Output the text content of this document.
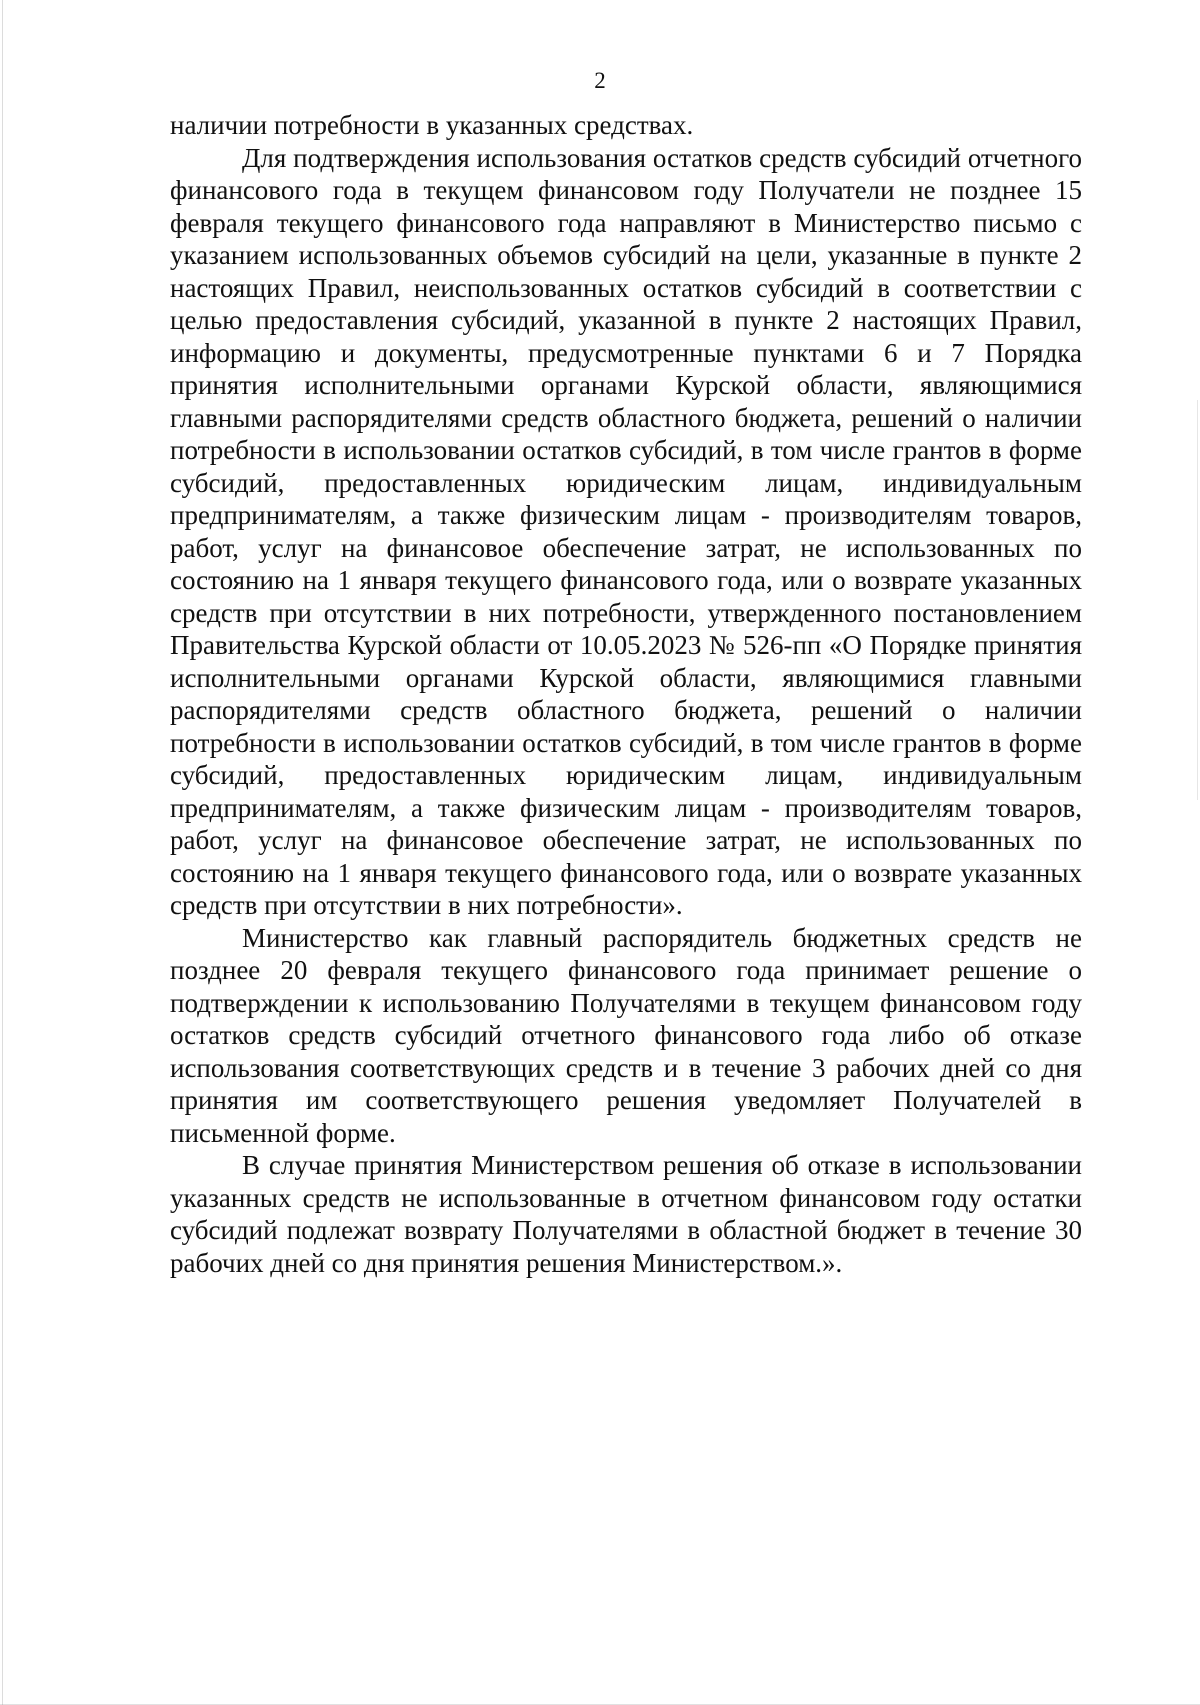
2

наличии потребности в указанных средствах.

Для подтверждения использования остатков средств субсидий отчетного финансового года в текущем финансовом году Получатели не позднее 15 февраля текущего финансового года направляют в Министерство письмо с указанием использованных объемов субсидий на цели, указанные в пункте 2 настоящих Правил, неиспользованных остатков субсидий в соответствии с целью предоставления субсидий, указанной в пункте 2 настоящих Правил, информацию и документы, предусмотренные пунктами 6 и 7 Порядка принятия исполнительными органами Курской области, являющимися главными распорядителями средств областного бюджета, решений о наличии потребности в использовании остатков субсидий, в том числе грантов в форме субсидий, предоставленных юридическим лицам, индивидуальным предпринимателям, а также физическим лицам - производителям товаров, работ, услуг на финансовое обеспечение затрат, не использованных по состоянию на 1 января текущего финансового года, или о возврате указанных средств при отсутствии в них потребности, утвержденного постановлением Правительства Курской области от 10.05.2023 № 526-пп «О Порядке принятия исполнительными органами Курской области, являющимися главными распорядителями средств областного бюджета, решений о наличии потребности в использовании остатков субсидий, в том числе грантов в форме субсидий, предоставленных юридическим лицам, индивидуальным предпринимателям, а также физическим лицам - производителям товаров, работ, услуг на финансовое обеспечение затрат, не использованных по состоянию на 1 января текущего финансового года, или о возврате указанных средств при отсутствии в них потребности».

Министерство как главный распорядитель бюджетных средств не позднее 20 февраля текущего финансового года принимает решение о подтверждении к использованию Получателями в текущем финансовом году остатков средств субсидий отчетного финансового года либо об отказе использования соответствующих средств и в течение 3 рабочих дней со дня принятия им соответствующего решения уведомляет Получателей в письменной форме.

В случае принятия Министерством решения об отказе в использовании указанных средств не использованные в отчетном финансовом году остатки субсидий подлежат возврату Получателями в областной бюджет в течение 30 рабочих дней со дня принятия решения Министерством.».
